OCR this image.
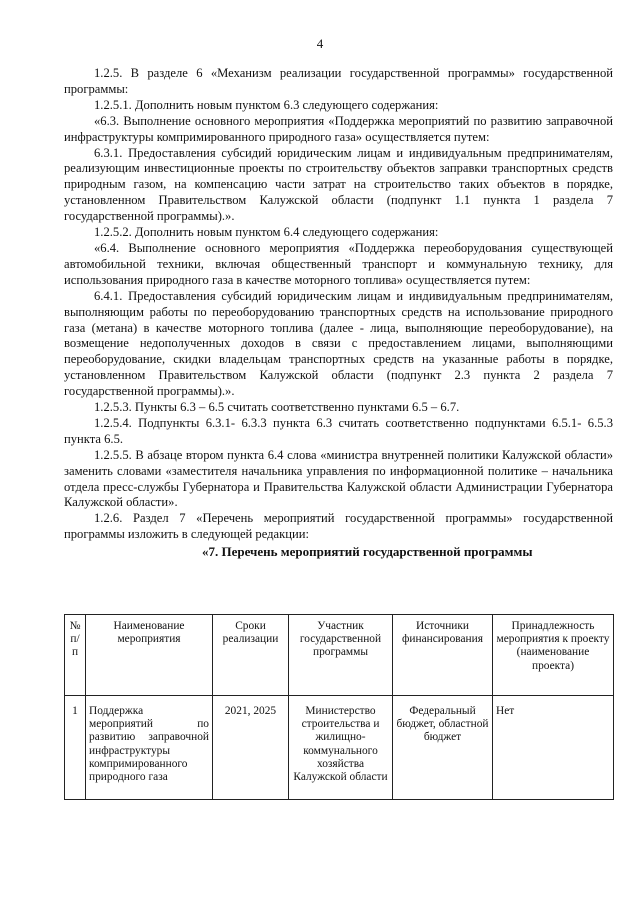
4

1.2.5. В разделе 6 «Механизм реализации государственной программы» государственной программы:

1.2.5.1. Дополнить новым пунктом 6.3 следующего содержания:

«6.3. Выполнение основного мероприятия «Поддержка мероприятий по развитию заправочной инфраструктуры компримированного природного газа» осуществляется путем:

6.3.1. Предоставления субсидий юридическим лицам и индивидуальным предпринимателям, реализующим инвестиционные проекты по строительству объектов заправки транспортных средств природным газом, на компенсацию части затрат на строительство таких объектов в порядке, установленном Правительством Калужской области (подпункт 1.1 пункта 1 раздела 7 государственной программы).».

1.2.5.2. Дополнить новым пунктом 6.4 следующего содержания:

«6.4. Выполнение основного мероприятия «Поддержка переоборудования существующей автомобильной техники, включая общественный транспорт и коммунальную технику, для использования природного газа в качестве моторного топлива» осуществляется путем:

6.4.1. Предоставления субсидий юридическим лицам и индивидуальным предпринимателям, выполняющим работы по переоборудованию транспортных средств на использование природного газа (метана) в качестве моторного топлива (далее - лица, выполняющие переоборудование), на возмещение недополученных доходов в связи с предоставлением лицами, выполняющими переоборудование, скидки владельцам транспортных средств на указанные работы в порядке, установленном Правительством Калужской области (подпункт 2.3 пункта 2 раздела 7 государственной программы).».

1.2.5.3. Пункты 6.3 – 6.5 считать соответственно пунктами 6.5 – 6.7.

1.2.5.4. Подпункты 6.3.1- 6.3.3 пункта 6.3 считать соответственно подпунктами 6.5.1- 6.5.3 пункта 6.5.

1.2.5.5. В абзаце втором пункта 6.4 слова «министра внутренней политики Калужской области» заменить словами «заместителя начальника управления по информационной политике – начальника отдела пресс-службы Губернатора и Правительства Калужской области Администрации Губернатора Калужской области».

1.2.6. Раздел 7 «Перечень мероприятий государственной программы» государственной программы изложить в следующей редакции:

«7. Перечень мероприятий государственной программы

№ п/п	Наименование мероприятия	Сроки реализации	Участник государственной программы	Источники финансирования	Принадлежность мероприятия к проекту (наименование проекта)
1	Поддержка мероприятий по развитию заправочной инфраструктуры компримированного природного газа	2021, 2025	Министерство строительства и жилищно-коммунального хозяйства Калужской области	Федеральный бюджет, областной бюджет	Нет
